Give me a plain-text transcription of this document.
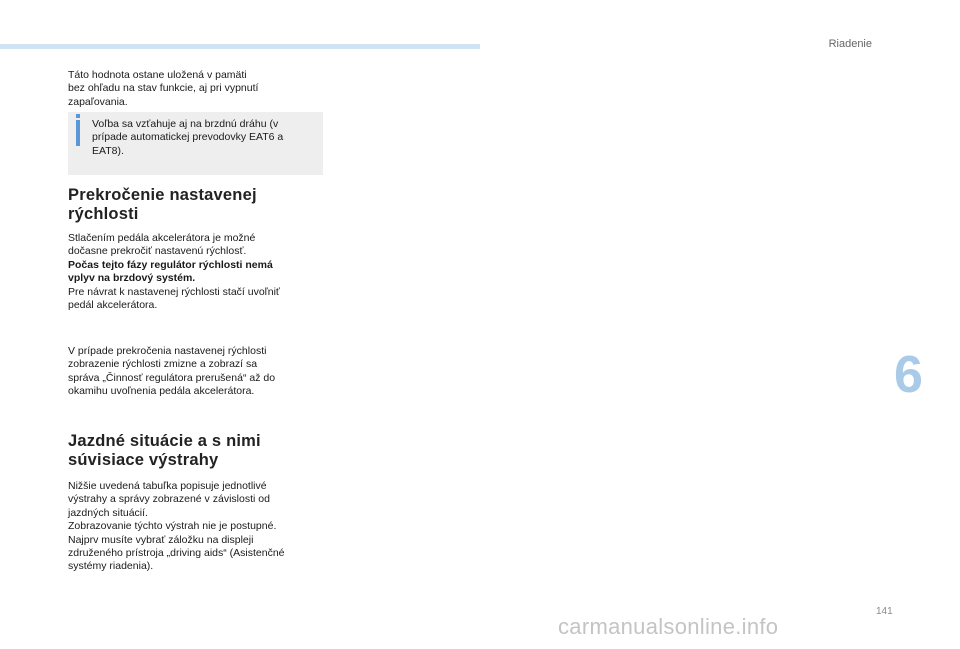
Riadenie

Táto hodnota ostane uložená v pamäti
bez ohľadu na stav funkcie, aj pri vypnutí
zapaľovania.

Voľba sa vzťahuje aj na brzdnú dráhu (v
prípade automatickej prevodovky EAT6 a
EAT8).

Prekročenie nastavenej
rýchlosti

Stlačením pedála akcelerátora je možné
dočasne prekročiť nastavenú rýchlosť.
Počas tejto fázy regulátor rýchlosti nemá
vplyv na brzdový systém.
Pre návrat k nastavenej rýchlosti stačí uvoľniť
pedál akcelerátora.

V prípade prekročenia nastavenej rýchlosti
zobrazenie rýchlosti zmizne a zobrazí sa
správa „Činnosť regulátora prerušená“ až do
okamihu uvoľnenia pedála akcelerátora.

Jazdné situácie a s nimi
súvisiace výstrahy

Nižšie uvedená tabuľka popisuje jednotlivé
výstrahy a správy zobrazené v závislosti od
jazdných situácií.
Zobrazovanie týchto výstrah nie je postupné.
Najprv musíte vybrať záložku na displeji
združeného prístroja „driving aids“ (Asistenčné
systémy riadenia).

6
141
carmanualsonline.info
